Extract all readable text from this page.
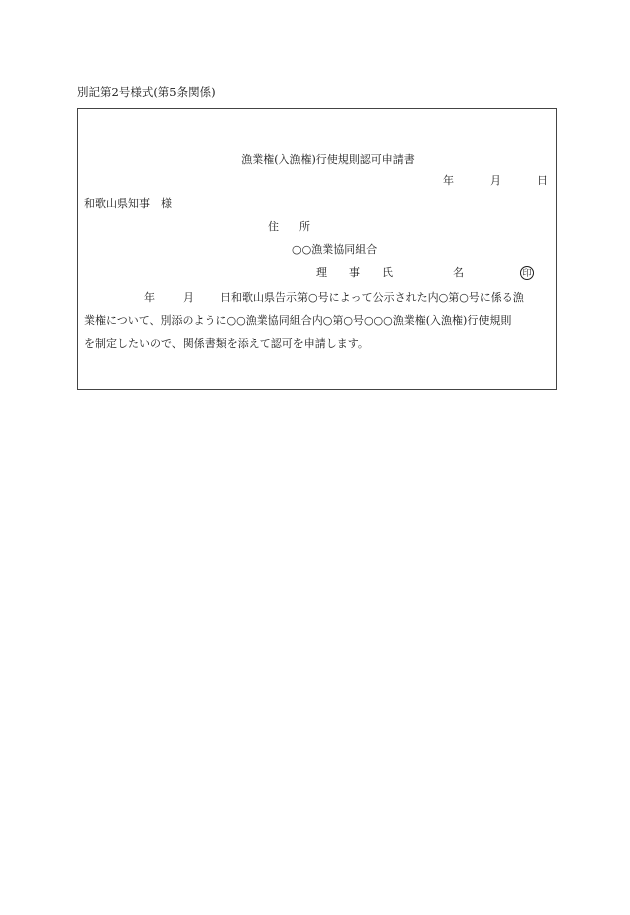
別記第2号様式(第5条関係)
漁業権(入漁権)行使規則認可申請書
年	月	日
和歌山県知事　様
住 所
○○漁業協同組合
理 事 氏	名	印
年	月 日和歌山県告示第○号によって公示された内○第○号に係る漁
業権について、別添のように○○漁業協同組合内○第○号○○○漁業権(入漁権)行使規則
を制定したいので、関係書類を添えて認可を申請します。
